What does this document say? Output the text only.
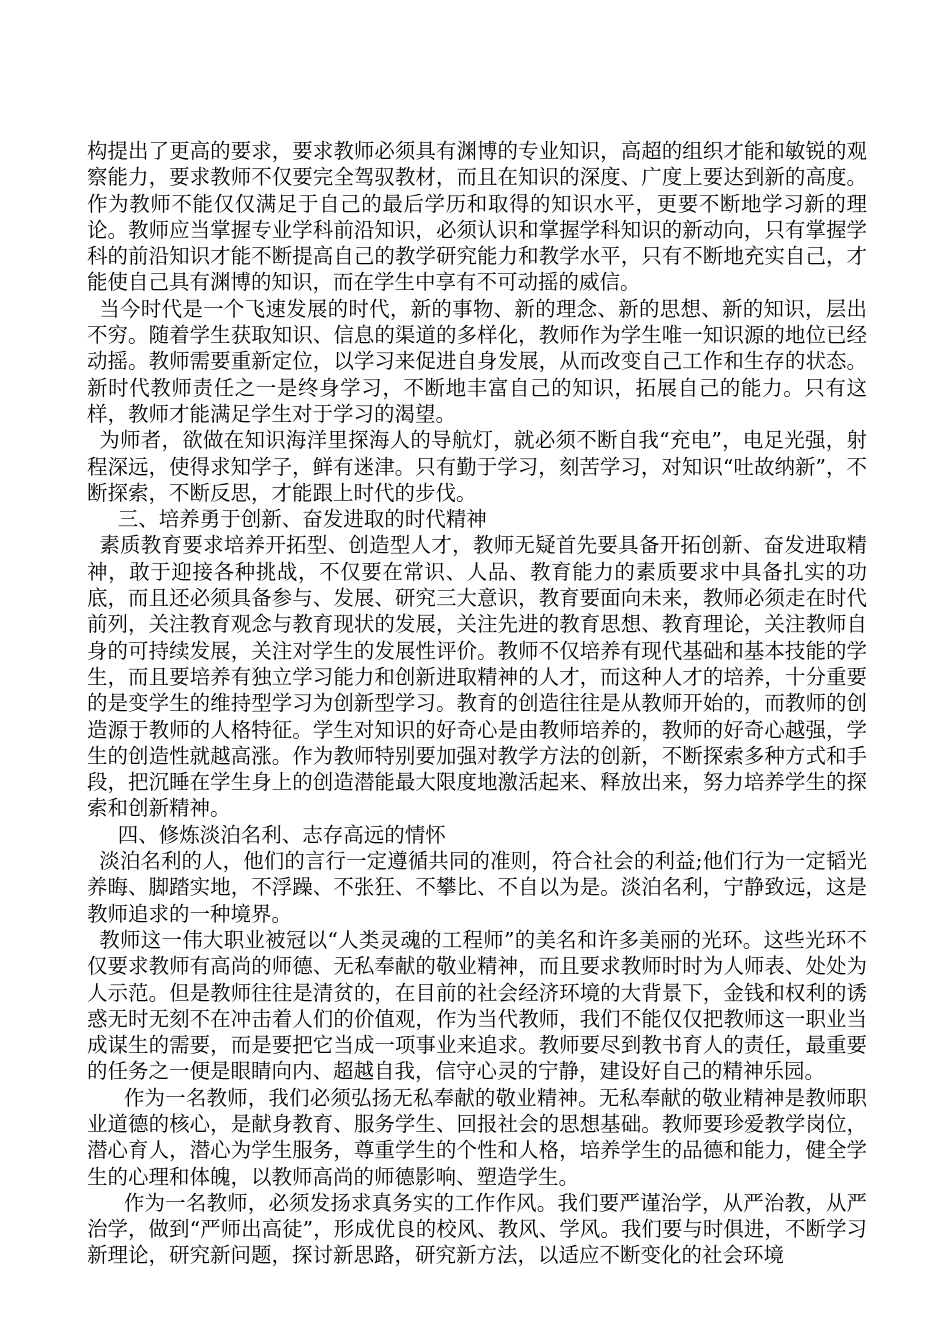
构提出了更高的要求，要求教师必须具有渊博的专业知识，高超的组织才能和敏锐的观察能力，要求教师不仅要完全驾驭教材，而且在知识的深度、广度上要达到新的高度。作为教师不能仅仅满足于自己的最后学历和取得的知识水平，更要不断地学习新的理论。教师应当掌握专业学科前沿知识，必须认识和掌握学科知识的新动向，只有掌握学科的前沿知识才能不断提高自己的教学研究能力和教学水平，只有不断地充实自己，才能使自己具有渊博的知识，而在学生中享有不可动摇的威信。

当今时代是一个飞速发展的时代，新的事物、新的理念、新的思想、新的知识，层出不穷。随着学生获取知识、信息的渠道的多样化，教师作为学生唯一知识源的地位已经动摇。教师需要重新定位，以学习来促进自身发展，从而改变自己工作和生存的状态。新时代教师责任之一是终身学习，不断地丰富自己的知识，拓展自己的能力。只有这样，教师才能满足学生对于学习的渴望。

为师者，欲做在知识海洋里探海人的导航灯，就必须不断自我“充电”，电足光强，射程深远，使得求知学子，鲜有迷津。只有勤于学习，刻苦学习，对知识“吐故纳新”，不断探索，不断反思，才能跟上时代的步伐。

三、培养勇于创新、奋发进取的时代精神

素质教育要求培养开拓型、创造型人才，教师无疑首先要具备开拓创新、奋发进取精神，敢于迎接各种挑战，不仅要在常识、人品、教育能力的素质要求中具备扎实的功底，而且还必须具备参与、发展、研究三大意识，教育要面向未来，教师必须走在时代前列，关注教育观念与教育现状的发展，关注先进的教育思想、教育理论，关注教师自身的可持续发展，关注对学生的发展性评价。教师不仅培养有现代基础和基本技能的学生，而且要培养有独立学习能力和创新进取精神的人才，而这种人才的培养，十分重要的是变学生的维持型学习为创新型学习。教育的创造往往是从教师开始的，而教师的创造源于教师的人格特征。学生对知识的好奇心是由教师培养的，教师的好奇心越强，学生的创造性就越高涨。作为教师特别要加强对教学方法的创新，不断探索多种方式和手段，把沉睡在学生身上的创造潜能最大限度地激活起来、释放出来，努力培养学生的探索和创新精神。

四、修炼淡泊名利、志存高远的情怀

淡泊名利的人，他们的言行一定遵循共同的准则，符合社会的利益;他们行为一定韬光养晦、脚踏实地，不浮躁、不张狂、不攀比、不自以为是。淡泊名利，宁静致远，这是教师追求的一种境界。

教师这一伟大职业被冠以“人类灵魂的工程师”的美名和许多美丽的光环。这些光环不仅要求教师有高尚的师德、无私奉献的敬业精神，而且要求教师时时为人师表、处处为人示范。但是教师往往是清贫的，在目前的社会经济环境的大背景下，金钱和权利的诱惑无时无刻不在冲击着人们的价值观，作为当代教师，我们不能仅仅把教师这一职业当成谋生的需要，而是要把它当成一项事业来追求。教师要尽到教书育人的责任，最重要的任务之一便是眼睛向内、超越自我，信守心灵的宁静，建设好自己的精神乐园。

作为一名教师，我们必须弘扬无私奉献的敬业精神。无私奉献的敬业精神是教师职业道德的核心，是献身教育、服务学生、回报社会的思想基础。教师要珍爱教学岗位，潜心育人，潜心为学生服务，尊重学生的个性和人格，培养学生的品德和能力，健全学生的心理和体魄，以教师高尚的师德影响、塑造学生。

作为一名教师，必须发扬求真务实的工作作风。我们要严谨治学，从严治教，从严治学，做到“严师出高徒”，形成优良的校风、教风、学风。我们要与时俱进，不断学习新理论，研究新问题，探讨新思路，研究新方法，以适应不断变化的社会环境
